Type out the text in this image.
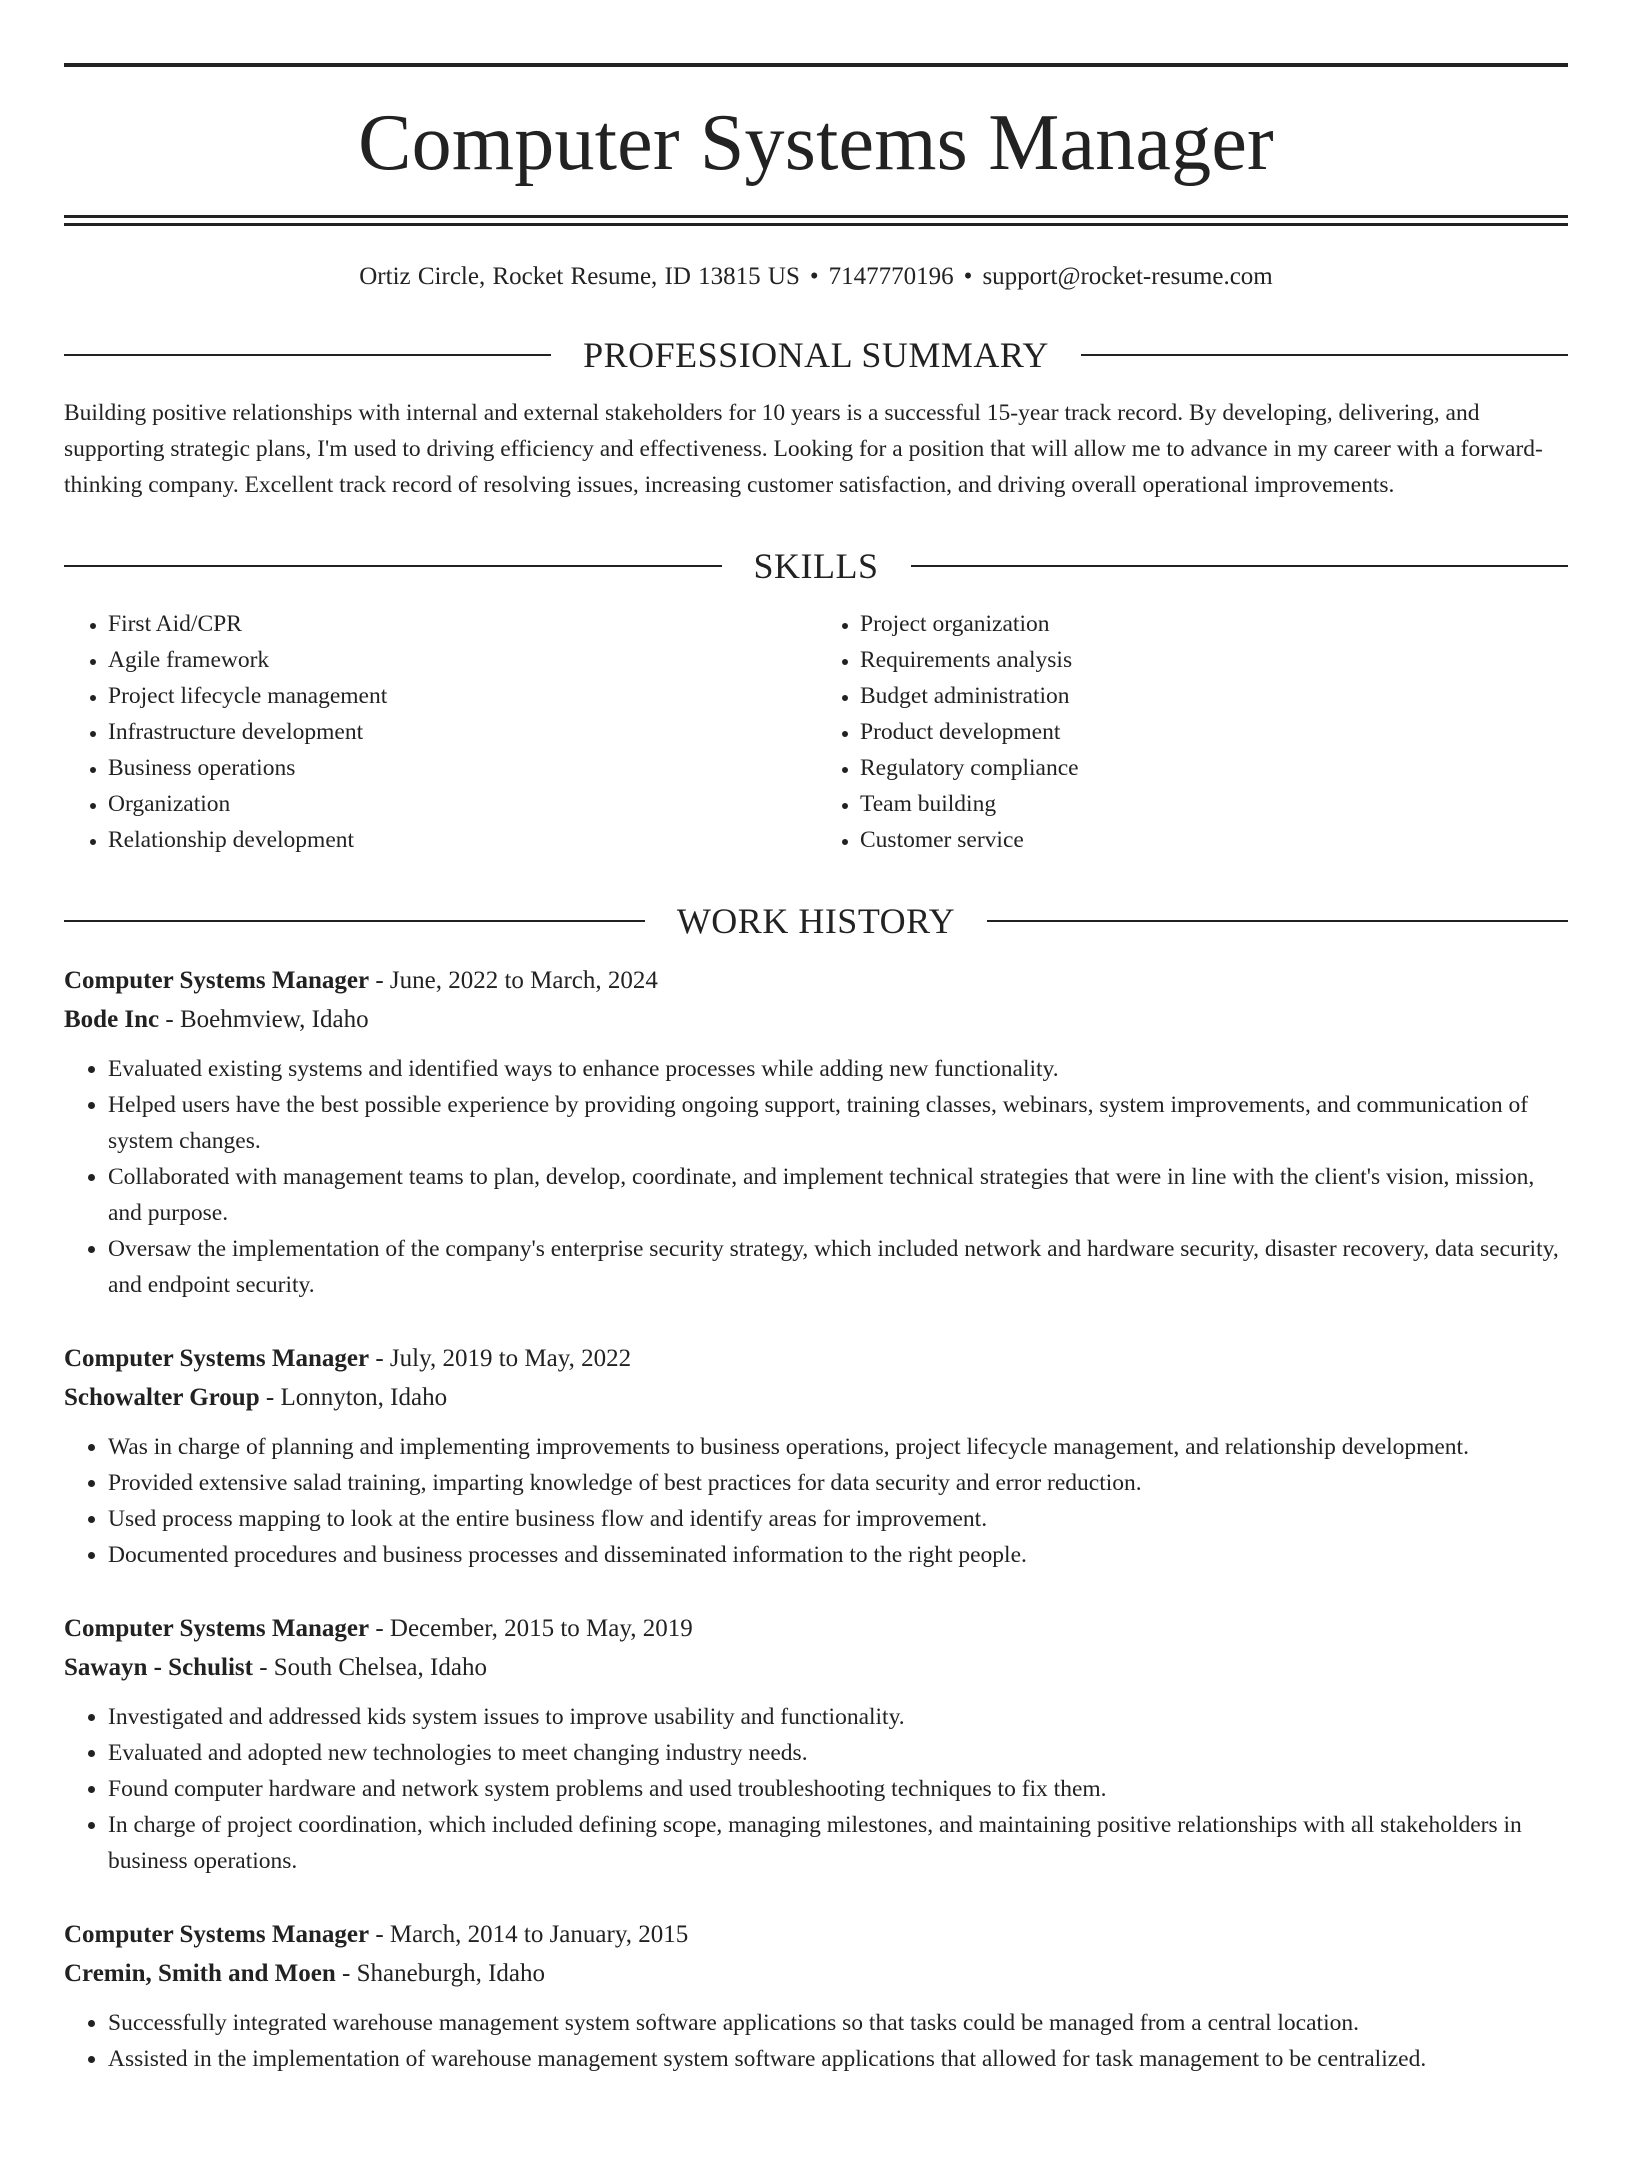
Computer Systems Manager
Ortiz Circle, Rocket Resume, ID 13815 US • 7147770196 • support@rocket-resume.com
PROFESSIONAL SUMMARY
Building positive relationships with internal and external stakeholders for 10 years is a successful 15-year track record. By developing, delivering, and supporting strategic plans, I'm used to driving efficiency and effectiveness. Looking for a position that will allow me to advance in my career with a forward-thinking company. Excellent track record of resolving issues, increasing customer satisfaction, and driving overall operational improvements.
SKILLS
• First Aid/CPR
• Agile framework
• Project lifecycle management
• Infrastructure development
• Business operations
• Organization
• Relationship development
• Project organization
• Requirements analysis
• Budget administration
• Product development
• Regulatory compliance
• Team building
• Customer service
WORK HISTORY
Computer Systems Manager - June, 2022 to March, 2024
Bode Inc - Boehmview, Idaho
• Evaluated existing systems and identified ways to enhance processes while adding new functionality.
• Helped users have the best possible experience by providing ongoing support, training classes, webinars, system improvements, and communication of system changes.
• Collaborated with management teams to plan, develop, coordinate, and implement technical strategies that were in line with the client's vision, mission, and purpose.
• Oversaw the implementation of the company's enterprise security strategy, which included network and hardware security, disaster recovery, data security, and endpoint security.
Computer Systems Manager - July, 2019 to May, 2022
Schowalter Group - Lonnyton, Idaho
• Was in charge of planning and implementing improvements to business operations, project lifecycle management, and relationship development.
• Provided extensive salad training, imparting knowledge of best practices for data security and error reduction.
• Used process mapping to look at the entire business flow and identify areas for improvement.
• Documented procedures and business processes and disseminated information to the right people.
Computer Systems Manager - December, 2015 to May, 2019
Sawayn - Schulist - South Chelsea, Idaho
• Investigated and addressed kids system issues to improve usability and functionality.
• Evaluated and adopted new technologies to meet changing industry needs.
• Found computer hardware and network system problems and used troubleshooting techniques to fix them.
• In charge of project coordination, which included defining scope, managing milestones, and maintaining positive relationships with all stakeholders in business operations.
Computer Systems Manager - March, 2014 to January, 2015
Cremin, Smith and Moen - Shaneburgh, Idaho
• Successfully integrated warehouse management system software applications so that tasks could be managed from a central location.
• Assisted in the implementation of warehouse management system software applications that allowed for task management to be centralized.
